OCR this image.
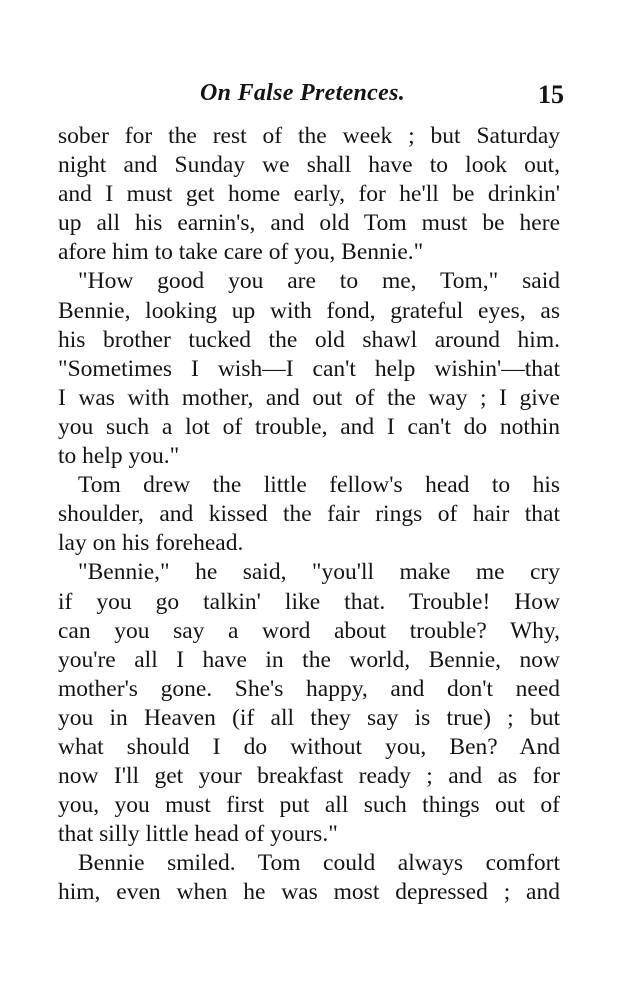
On False Pretences.	15
sober for the rest of the week ; but Saturday
night and Sunday we shall have to look out,
and I must get home early, for he'll be drinkin'
up all his earnin's, and old Tom must be here
afore him to take care of you, Bennie."
"How good you are to me, Tom," said
Bennie, looking up with fond, grateful eyes, as
his brother tucked the old shawl around him.
"Sometimes I wish—I can't help wishin'—that
I was with mother, and out of the way ; I give
you such a lot of trouble, and I can't do nothin
to help you."
Tom drew the little fellow's head to his
shoulder, and kissed the fair rings of hair that
lay on his forehead.
"Bennie," he said, "you'll make me cry
if you go talkin' like that. Trouble! How
can you say a word about trouble? Why,
you're all I have in the world, Bennie, now
mother's gone. She's happy, and don't need
you in Heaven (if all they say is true) ; but
what should I do without you, Ben? And
now I'll get your breakfast ready ; and as for
you, you must first put all such things out of
that silly little head of yours."
Bennie smiled. Tom could always comfort
him, even when he was most depressed ; and
